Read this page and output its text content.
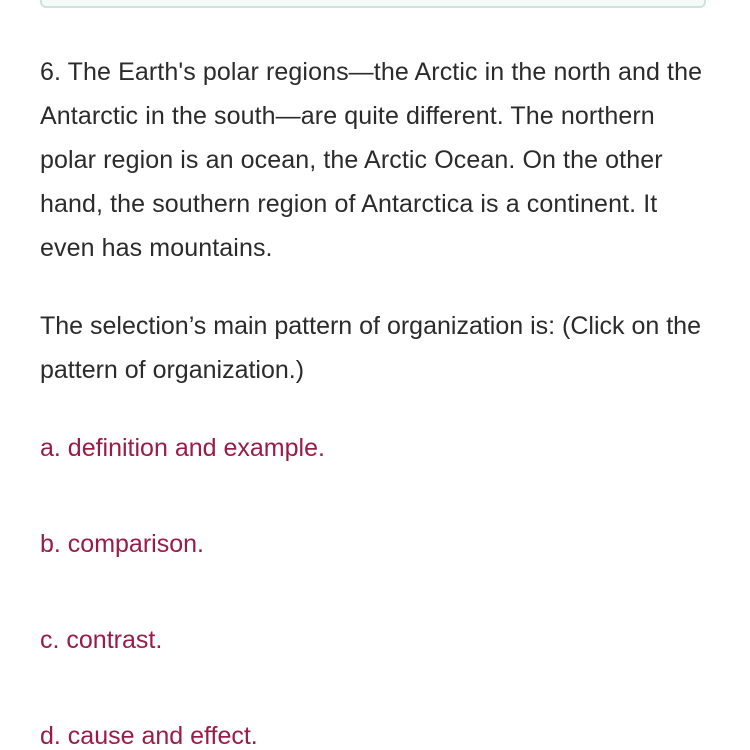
6. The Earth's polar regions—the Arctic in the north and the Antarctic in the south—are quite different. The northern polar region is an ocean, the Arctic Ocean. On the other hand, the southern region of Antarctica is a continent. It even has mountains.

The selection’s main pattern of organization is: (Click on the pattern of organization.)

a. definition and example.
b. comparison.
c. contrast.
d. cause and effect.
